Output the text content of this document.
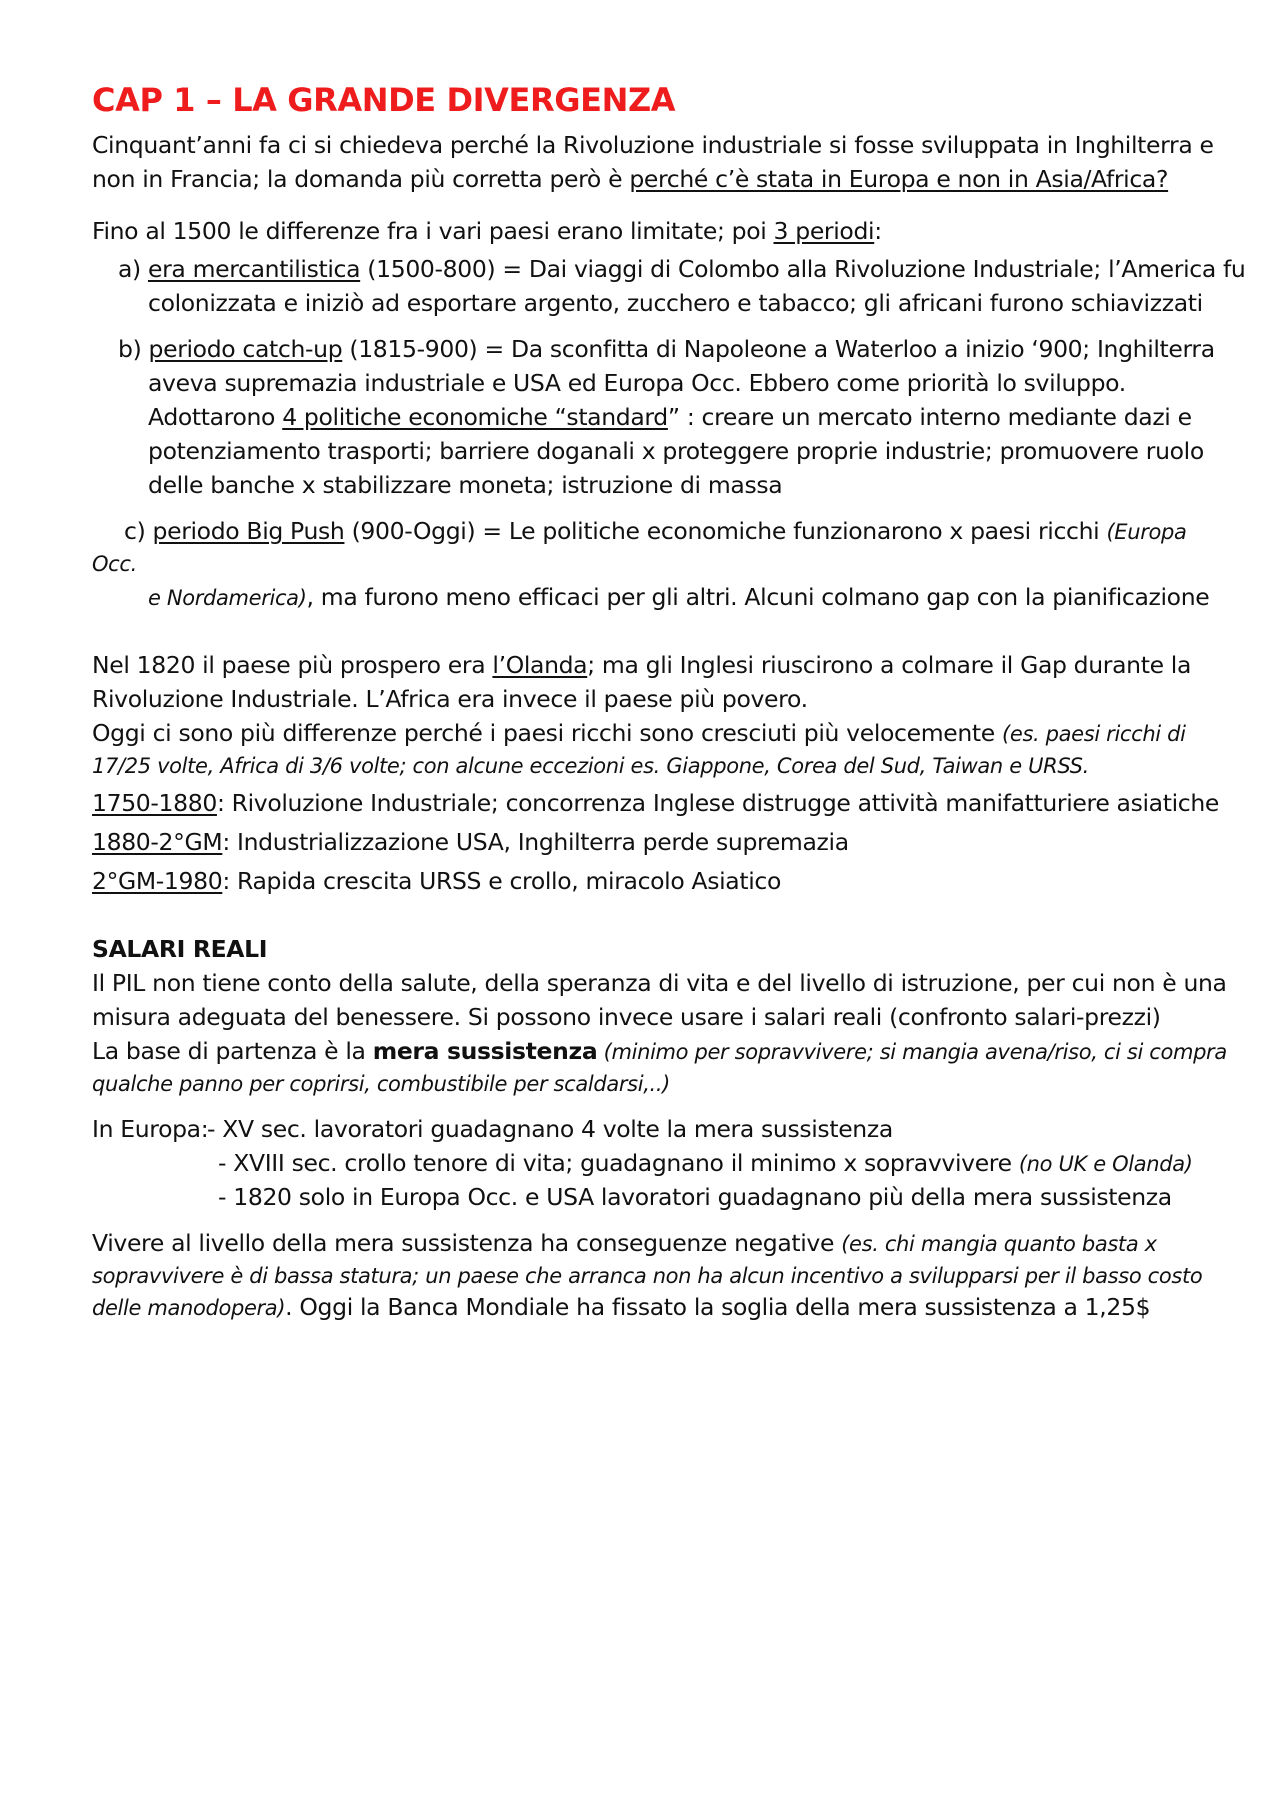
CAP 1 – LA GRANDE DIVERGENZA
Cinquant’anni fa ci si chiedeva perché la Rivoluzione industriale si fosse sviluppata in Inghilterra e
non in Francia; la domanda più corretta però è perché c’è stata in Europa e non in Asia/Africa?
Fino al 1500 le differenze fra i vari paesi erano limitate; poi 3 periodi:
a) era mercantilistica (1500-800) = Dai viaggi di Colombo alla Rivoluzione Industriale; l’America fu
colonizzata e iniziò ad esportare argento, zucchero e tabacco; gli africani furono schiavizzati
b) periodo catch-up (1815-900) = Da sconfitta di Napoleone a Waterloo a inizio ‘900; Inghilterra
aveva supremazia industriale e USA ed Europa Occ. Ebbero come priorità lo sviluppo.
Adottarono 4 politiche economiche “standard” : creare un mercato interno mediante dazi e
potenziamento trasporti; barriere doganali x proteggere proprie industrie; promuovere ruolo
delle banche x stabilizzare moneta; istruzione di massa
c) periodo Big Push (900-Oggi) = Le politiche economiche funzionarono x paesi ricchi (Europa
Occ.
e Nordamerica), ma furono meno efficaci per gli altri. Alcuni colmano gap con la pianificazione
Nel 1820 il paese più prospero era l’Olanda; ma gli Inglesi riuscirono a colmare il Gap durante la
Rivoluzione Industriale. L’Africa era invece il paese più povero.
Oggi ci sono più differenze perché i paesi ricchi sono cresciuti più velocemente (es. paesi ricchi di
17/25 volte, Africa di 3/6 volte; con alcune eccezioni es. Giappone, Corea del Sud, Taiwan e URSS.
1750-1880: Rivoluzione Industriale; concorrenza Inglese distrugge attività manifatturiere asiatiche
1880-2°GM: Industrializzazione USA, Inghilterra perde supremazia
2°GM-1980: Rapida crescita URSS e crollo, miracolo Asiatico
SALARI REALI
Il PIL non tiene conto della salute, della speranza di vita e del livello di istruzione, per cui non è una
misura adeguata del benessere. Si possono invece usare i salari reali (confronto salari-prezzi)
La base di partenza è la mera sussistenza (minimo per sopravvivere; si mangia avena/riso, ci si compra
qualche panno per coprirsi, combustibile per scaldarsi,..)
In Europa:
- XV sec. lavoratori guadagnano 4 volte la mera sussistenza
- XVIII sec. crollo tenore di vita; guadagnano il minimo x sopravvivere (no UK e Olanda)
- 1820 solo in Europa Occ. e USA lavoratori guadagnano più della mera sussistenza
Vivere al livello della mera sussistenza ha conseguenze negative (es. chi mangia quanto basta x
sopravvivere è di bassa statura; un paese che arranca non ha alcun incentivo a svilupparsi per il basso costo
delle manodopera). Oggi la Banca Mondiale ha fissato la soglia della mera sussistenza a 1,25$
